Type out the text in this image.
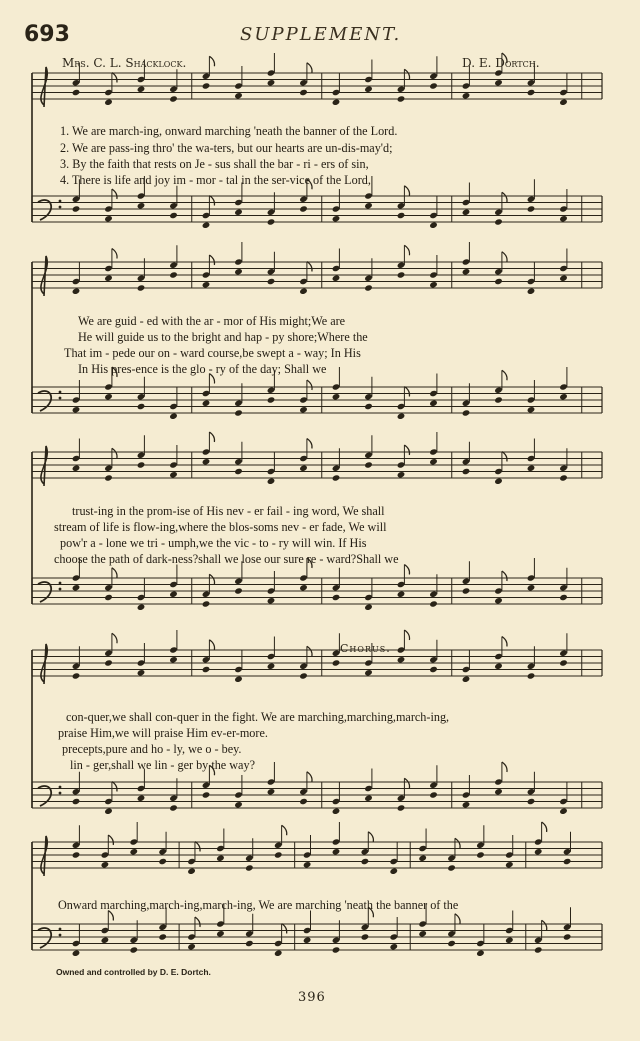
693	SUPPLEMENT.
Mrs. C. L. Shacklock.	D. E. Dortch.
1. We are march-ing, onward marching 'neath the banner of the Lord.
2. We are pass-ing thro' the wa-ters, but our hearts are un-dis-may'd;
3. By the faith that rests on Je - sus shall the bar - ri - ers of sin,
4. There is life and joy im - mor - tal in the ser-vice of the Lord,
We are guid - ed with the ar - mor of His might;We are
He will guide us to the bright and hap - py shore;Where the
That im - pede our on - ward course,be swept a - way; In His
In His pres-ence is the glo - ry of the day; Shall we
trust-ing in the prom-ise of His nev - er fail - ing word, We shall
stream of life is flow-ing,where the blos-soms nev - er fade, We will
pow'r a - lone we tri - umph,we the vic - to - ry will win. If His
choose the path of dark-ness?shall we lose our sure re - ward?Shall we
Chorus.
con-quer,we shall con-quer in the fight. We are marching,marching,march-ing,
praise Him,we will praise Him ev-er-more.
precepts,pure and ho - ly, we o - bey.
lin - ger,shall we lin - ger by the way?
Onward marching,march-ing,march-ing, We are marching 'neath the banner of the
Owned and controlled by D. E. Dortch.
396
